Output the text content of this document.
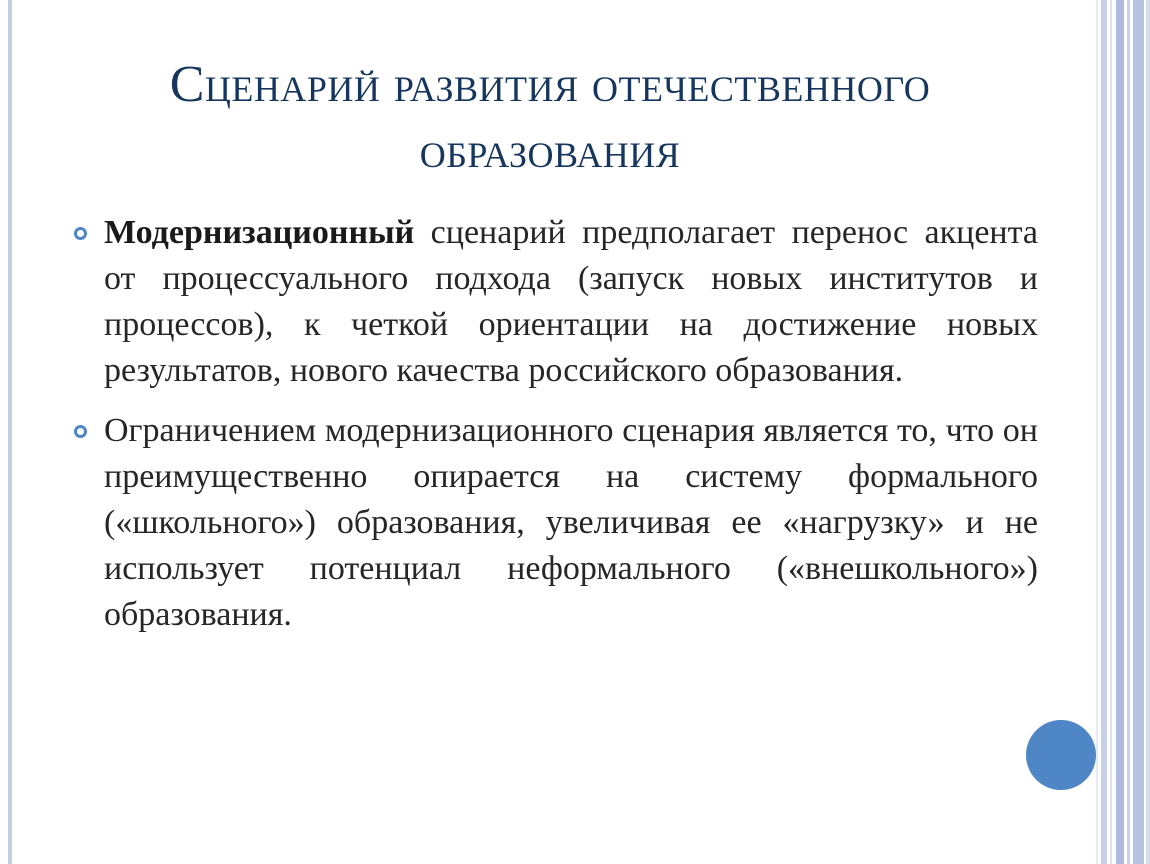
Сценарий развития отечественного образования
Модернизационный сценарий предполагает перенос акцента от процессуального подхода (запуск новых институтов и процессов), к четкой ориентации на достижение новых результатов, нового качества российского образования.
Ограничением модернизационного сценария является то, что он преимущественно опирается на систему формального («школьного») образования, увеличивая ее «нагрузку» и не использует потенциал неформального («внешкольного») образования.
